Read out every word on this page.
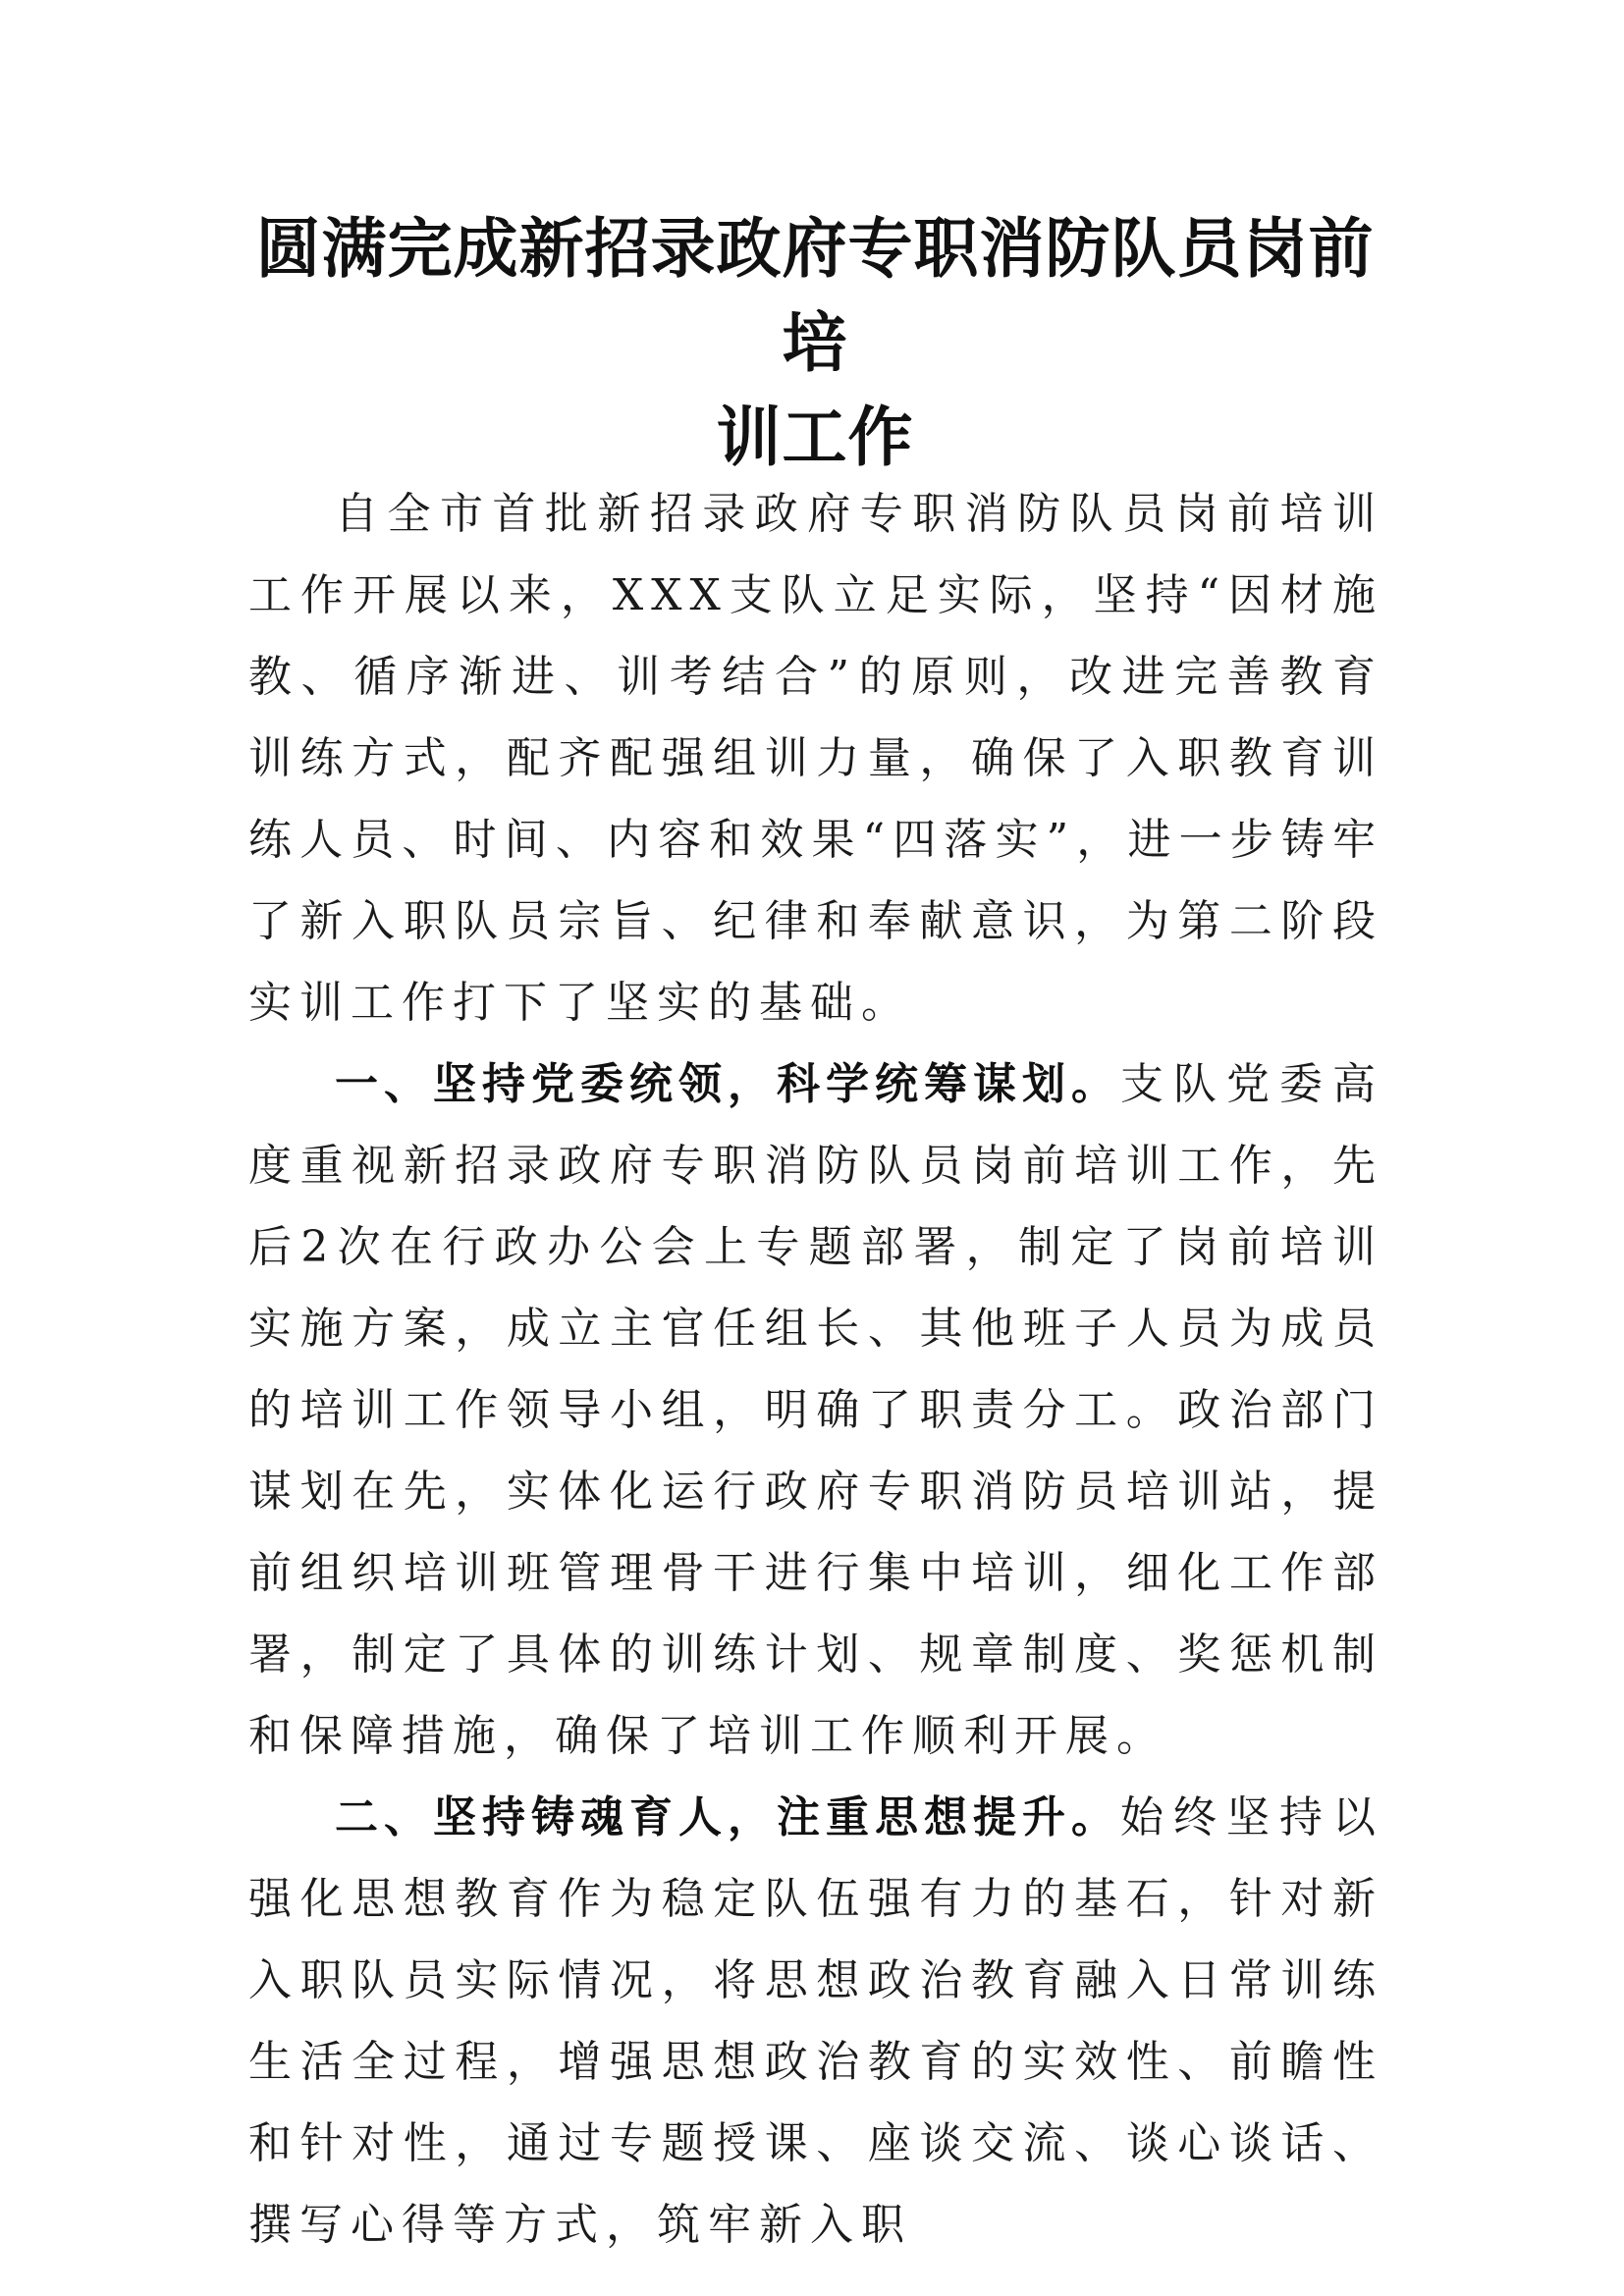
圆满完成新招录政府专职消防队员岗前培
训工作

自全市首批新招录政府专职消防队员岗前培训工作开展以来，XXX支队立足实际，坚持“因材施教、循序渐进、训考结合”的原则，改进完善教育训练方式，配齐配强组训力量，确保了入职教育训练人员、时间、内容和效果“四落实”，进一步铸牢了新入职队员宗旨、纪律和奉献意识，为第二阶段实训工作打下了坚实的基础。

一、坚持党委统领，科学统筹谋划。支队党委高度重视新招录政府专职消防队员岗前培训工作，先后2次在行政办公会上专题部署，制定了岗前培训实施方案，成立主官任组长、其他班子人员为成员的培训工作领导小组，明确了职责分工。政治部门谋划在先，实体化运行政府专职消防员培训站，提前组织培训班管理骨干进行集中培训，细化工作部署，制定了具体的训练计划、规章制度、奖惩机制和保障措施，确保了培训工作顺利开展。

二、坚持铸魂育人，注重思想提升。始终坚持以强化思想教育作为稳定队伍强有力的基石，针对新入职队员实际情况，将思想政治教育融入日常训练生活全过程，增强思想政治教育的实效性、前瞻性和针对性，通过专题授课、座谈交流、谈心谈话、撰写心得等方式，筑牢新入职
